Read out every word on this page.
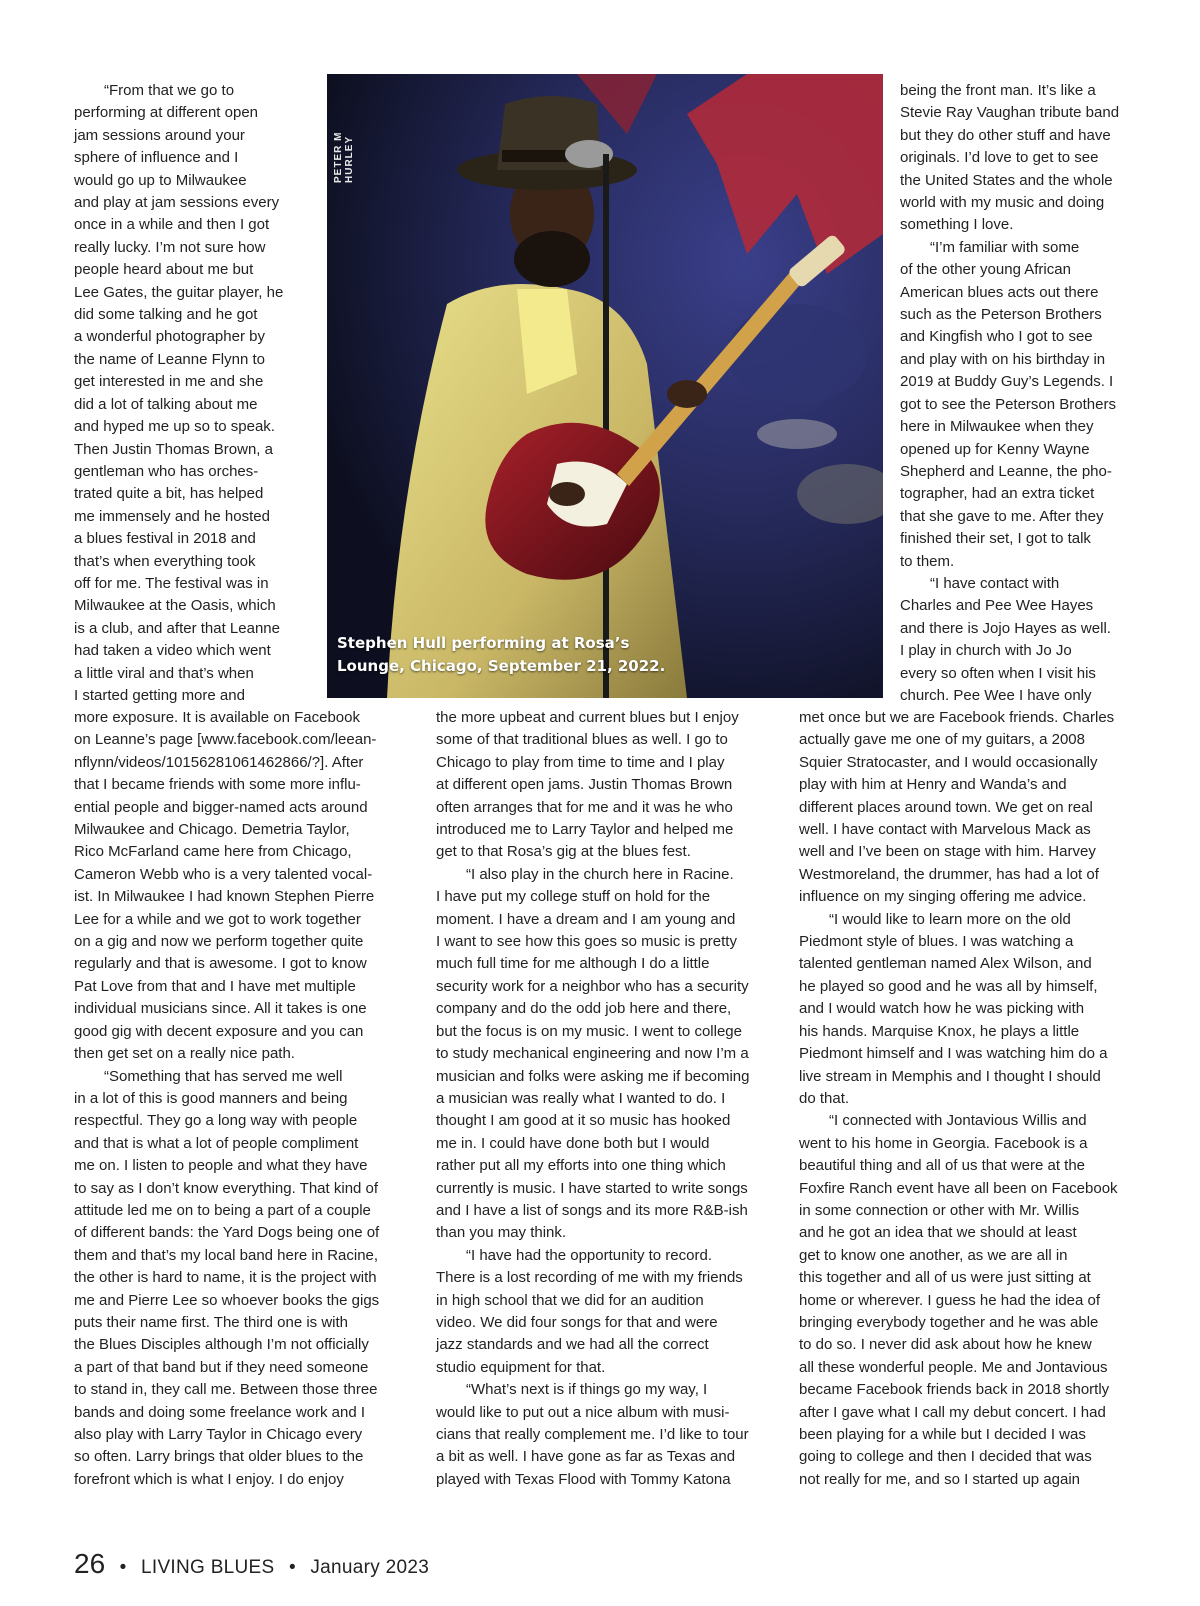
“From that we go to
performing at different open
jam sessions around your
sphere of influence and I
would go up to Milwaukee
and play at jam sessions every
once in a while and then I got
really lucky. I’m not sure how
people heard about me but
Lee Gates, the guitar player, he
did some talking and he got
a wonderful photographer by
the name of Leanne Flynn to
get interested in me and she
did a lot of talking about me
and hyped me up so to speak.
Then Justin Thomas Brown, a
gentleman who has orches-
trated quite a bit, has helped
me immensely and he hosted
a blues festival in 2018 and
that’s when everything took
off for me. The festival was in
Milwaukee at the Oasis, which
is a club, and after that Leanne
had taken a video which went
a little viral and that’s when
I started getting more and
more exposure. It is available on Facebook
on Leanne’s page [www.facebook.com/leean-
nflynn/videos/10156281061462866/?]. After
that I became friends with some more influ-
ential people and bigger-named acts around
Milwaukee and Chicago. Demetria Taylor,
Rico McFarland came here from Chicago,
Cameron Webb who is a very talented vocal-
ist. In Milwaukee I had known Stephen Pierre
Lee for a while and we got to work together
on a gig and now we perform together quite
regularly and that is awesome. I got to know
Pat Love from that and I have met multiple
individual musicians since. All it takes is one
good gig with decent exposure and you can
then get set on a really nice path.
“Something that has served me well
in a lot of this is good manners and being
respectful. They go a long way with people
and that is what a lot of people compliment
me on. I listen to people and what they have
to say as I don’t know everything. That kind of
attitude led me on to being a part of a couple
of different bands: the Yard Dogs being one of
them and that’s my local band here in Racine,
the other is hard to name, it is the project with
me and Pierre Lee so whoever books the gigs
puts their name first. The third one is with
the Blues Disciples although I’m not officially
a part of that band but if they need someone
to stand in, they call me. Between those three
bands and doing some freelance work and I
also play with Larry Taylor in Chicago every
so often. Larry brings that older blues to the
forefront which is what I enjoy. I do enjoy
PETER M HURLEY
Stephen Hull performing at Rosa’s
Lounge, Chicago, September 21, 2022.
the more upbeat and current blues but I enjoy
some of that traditional blues as well. I go to
Chicago to play from time to time and I play
at different open jams. Justin Thomas Brown
often arranges that for me and it was he who
introduced me to Larry Taylor and helped me
get to that Rosa’s gig at the blues fest.
“I also play in the church here in Racine.
I have put my college stuff on hold for the
moment. I have a dream and I am young and
I want to see how this goes so music is pretty
much full time for me although I do a little
security work for a neighbor who has a security
company and do the odd job here and there,
but the focus is on my music. I went to college
to study mechanical engineering and now I’m a
musician and folks were asking me if becoming
a musician was really what I wanted to do. I
thought I am good at it so music has hooked
me in. I could have done both but I would
rather put all my efforts into one thing which
currently is music. I have started to write songs
and I have a list of songs and its more R&B-ish
than you may think.
“I have had the opportunity to record.
There is a lost recording of me with my friends
in high school that we did for an audition
video. We did four songs for that and were
jazz standards and we had all the correct
studio equipment for that.
“What’s next is if things go my way, I
would like to put out a nice album with musi-
cians that really complement me. I’d like to tour
a bit as well. I have gone as far as Texas and
played with Texas Flood with Tommy Katona
being the front man. It’s like a
Stevie Ray Vaughan tribute band
but they do other stuff and have
originals. I’d love to get to see
the United States and the whole
world with my music and doing
something I love.
“I’m familiar with some
of the other young African
American blues acts out there
such as the Peterson Brothers
and Kingfish who I got to see
and play with on his birthday in
2019 at Buddy Guy’s Legends. I
got to see the Peterson Brothers
here in Milwaukee when they
opened up for Kenny Wayne
Shepherd and Leanne, the pho-
tographer, had an extra ticket
that she gave to me. After they
finished their set, I got to talk
to them.
“I have contact with
Charles and Pee Wee Hayes
and there is Jojo Hayes as well.
I play in church with Jo Jo
every so often when I visit his
church. Pee Wee I have only
met once but we are Facebook friends. Charles
actually gave me one of my guitars, a 2008
Squier Stratocaster, and I would occasionally
play with him at Henry and Wanda’s and
different places around town. We get on real
well. I have contact with Marvelous Mack as
well and I’ve been on stage with him. Harvey
Westmoreland, the drummer, has had a lot of
influence on my singing offering me advice.
“I would like to learn more on the old
Piedmont style of blues. I was watching a
talented gentleman named Alex Wilson, and
he played so good and he was all by himself,
and I would watch how he was picking with
his hands. Marquise Knox, he plays a little
Piedmont himself and I was watching him do a
live stream in Memphis and I thought I should
do that.
“I connected with Jontavious Willis and
went to his home in Georgia. Facebook is a
beautiful thing and all of us that were at the
Foxfire Ranch event have all been on Facebook
in some connection or other with Mr. Willis
and he got an idea that we should at least
get to know one another, as we are all in
this together and all of us were just sitting at
home or wherever. I guess he had the idea of
bringing everybody together and he was able
to do so. I never did ask about how he knew
all these wonderful people. Me and Jontavious
became Facebook friends back in 2018 shortly
after I gave what I call my debut concert. I had
been playing for a while but I decided I was
going to college and then I decided that was
not really for me, and so I started up again
26 • LIVING BLUES • January 2023
